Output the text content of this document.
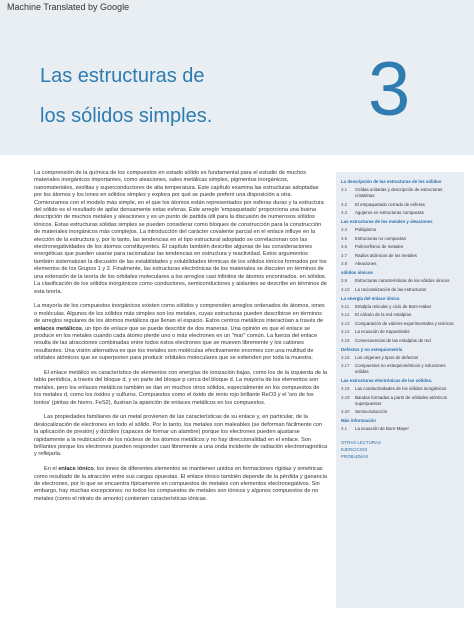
Machine Translated by Google
Las estructuras de
los sólidos simples.	3

La comprensión de la química de los compuestos en estado sólido es fundamental para el estudio de muchos materiales inorgánicos importantes, como aleaciones, sales metálicas simples, pigmentos inorgánicos, nanomateriales, zeolitas y superconductores de alta temperatura. Este capítulo examina las estructuras adoptadas por los átomos y los iones en sólidos simples y explora por qué se puede preferir una disposición a otra. Comenzamos con el modelo más simple, en el que los átomos están representados por esferas duras y la estructura del sólido es el resultado de apilar densamente estas esferas. Este arreglo 'empaquetado' proporciona una buena descripción de muchos metales y aleaciones y es un punto de partida útil para la discusión de numerosos sólidos iónicos. Estas estructuras sólidas simples se pueden considerar como bloques de construcción para la construcción de materiales inorgánicos más complejos. La introducción del carácter covalente parcial en el enlace influye en la elección de la estructura y, por lo tanto, las tendencias en el tipo estructural adoptado se correlacionan con las electronegatividades de los átomos constituyentes. El capítulo también describe algunas de las consideraciones energéticas que pueden usarse para racionalizar las tendencias en estructura y reactividad. Estos argumentos también sistematizan la discusión de las estabilidades y solubilidades térmicas de los sólidos iónicos formados por los elementos de los Grupos 1 y 2. Finalmente, las estructuras electrónicas de los materiales se discuten en términos de una extensión de la teoría de los orbitales moleculares a los arreglos casi infinitos de átomos encontrados. en sólidos. La clasificación de los sólidos inorgánicos como conductores, semiconductores y aislantes se describe en términos de esta teoría.

La mayoría de los compuestos inorgánicos existen como sólidos y comprenden arreglos ordenados de átomos, iones o moléculas. Algunos de los sólidos más simples son los metales, cuyas estructuras pueden describirse en términos de arreglos regulares de los átomos metálicos que llenan el espacio. Estos centros metálicos interactúan a través de enlaces metálicos, un tipo de enlace que se puede describir de dos maneras. Una opinión es que el enlace se produce en los metales cuando cada átomo pierde uno o más electrones en un "mar" común. La fuerza del enlace resulta de las atracciones combinadas entre todos estos electrones que se mueven libremente y los cationes resultantes. Una visión alternativa es que los metales son moléculas efectivamente enormes con una multitud de orbitales atómicos que se superponen para producir orbitales moleculares que se extienden por toda la muestra.

El enlace metálico es característico de elementos con energías de ionización bajas, como los de la izquierda de la tabla periódica, a través del bloque d, y en parte del bloque p cerca del bloque d. La mayoría de los elementos son metales, pero los enlaces metálicos también se dan en muchos otros sólidos, especialmente en los compuestos de los metales d, como los óxidos y sulfuros. Compuestos como el óxido de renio rojo brillante ReO3 y el 'oro de los tontos' (piritas de hierro, FeS2), ilustran la aparición de enlaces metálicos en los compuestos.

Las propiedades familiares de un metal provienen de las características de su enlace y, en particular, de la deslocalización de electrones en todo el sólido. Por lo tanto, los metales son maleables (se deforman fácilmente con la aplicación de presión) y dúctiles (capaces de formar un alambre) porque los electrones pueden ajustarse rápidamente a la reubicación de los núcleos de los átomos metálicos y no hay direccionalidad en el enlace. Son brillantes porque los electrones pueden responder casi libremente a una onda incidente de radiación electromagnética y reflejarla.

En el enlace iónico, los iones de diferentes elementos se mantienen unidos en formaciones rígidas y simétricas como resultado de la atracción entre sus cargas opuestas. El enlace iónico también depende de la pérdida y ganancia de electrones, por lo que se encuentra típicamente en compuestos de metales con elementos electronegativos. Sin embargo, hay muchas excepciones: no todos los compuestos de metales son iónicos y algunos compuestos de no metales (como el nitrato de amonio) contienen características iónicas.

La descripción de las estructuras de los sólidos
3.1	Celdas unitarias y descripción de estructuras cristalinas
3.2	El empaquetado cerrado de esferas
3.3	Agujeros en estructuras compactas
Las estructuras de los metales y aleaciones
3.4	Politipismo
3.5	Estructuras no compactas
3.6	Polimorfismo de metales
3.7	Radios atómicos de los metales
3.8	Aleaciones
sólidos iónicos
3.9	Estructuras características de los sólidos iónicos
3.10	La racionalización de las estructuras
La energía del enlace iónico
3.11	Entalpía reticular y ciclo de Born-Haber
3.12	El cálculo de la red entalpías
3.13	Comparación de valores experimentales y teóricos
3.14	La ecuación de Kapustinskii
3.15	Consecuencias de las entalpías de red
Defectos y no estequiometría
3.16	Los orígenes y tipos de defectos
3.17	Compuestos no estequiométricos y soluciones sólidas
Las estructuras electrónicas de los sólidos.
3.18	Las conductividades de los sólidos inorgánicos
3.19	Bandas formadas a partir de orbitales atómicos superpuestos
3.20	Semiconducción
Más información
3.1	La ecuación de Born-Mayer
OTRAS LECTURAS
EJERCICIOS
PROBLEMAS
